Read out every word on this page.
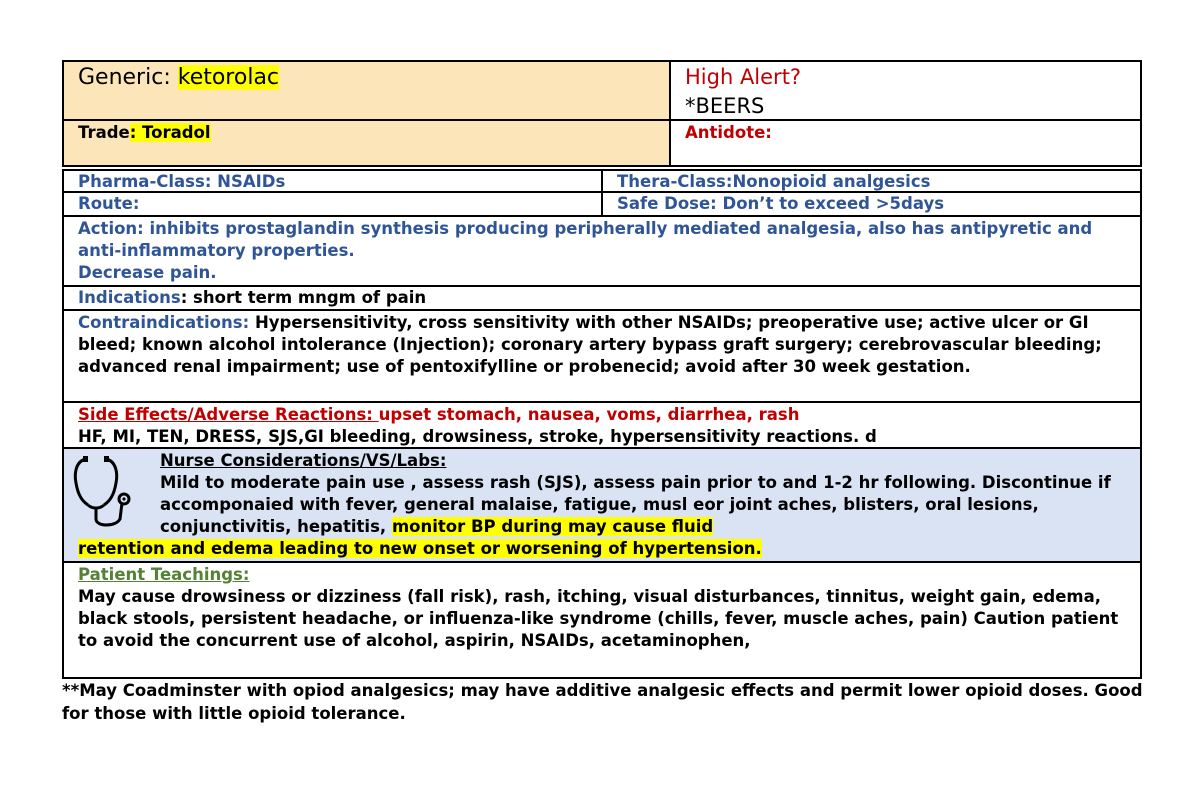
Generic: ketorolac	High Alert?
*BEERS
Trade: Toradol	Antidote:
Pharma-Class: NSAIDs	Thera-Class:Nonopioid analgesics
Route:	Safe Dose: Don’t to exceed >5days
Action: inhibits prostaglandin synthesis producing peripherally mediated analgesia, also has antipyretic and anti-inflammatory properties.
Decrease pain.
Indications: short term mngm of pain
Contraindications: Hypersensitivity, cross sensitivity with other NSAIDs; preoperative use; active ulcer or GI bleed; known alcohol intolerance (Injection); coronary artery bypass graft surgery; cerebrovascular bleeding; advanced renal impairment; use of pentoxifylline or probenecid; avoid after 30 week gestation.
Side Effects/Adverse Reactions: upset stomach, nausea, voms, diarrhea, rash
HF, MI, TEN, DRESS, SJS,GI bleeding, drowsiness, stroke, hypersensitivity reactions. d
Nurse Considerations/VS/Labs:
Mild to moderate pain use , assess rash (SJS), assess pain prior to and 1-2 hr following. Discontinue if accomponaied with fever, general malaise, fatigue, musl eor joint aches, blisters, oral lesions, conjunctivitis, hepatitis, monitor BP during may cause fluid
retention and edema leading to new onset or worsening of hypertension.
Patient Teachings:
May cause drowsiness or dizziness (fall risk), rash, itching, visual disturbances, tinnitus, weight gain, edema, black stools, persistent headache, or influenza-like syndrome (chills, fever, muscle aches, pain) Caution patient to avoid the concurrent use of alcohol, aspirin, NSAIDs, acetaminophen,
**May Coadminster with opiod analgesics; may have additive analgesic effects and permit lower opioid doses. Good for those with little opioid tolerance.
